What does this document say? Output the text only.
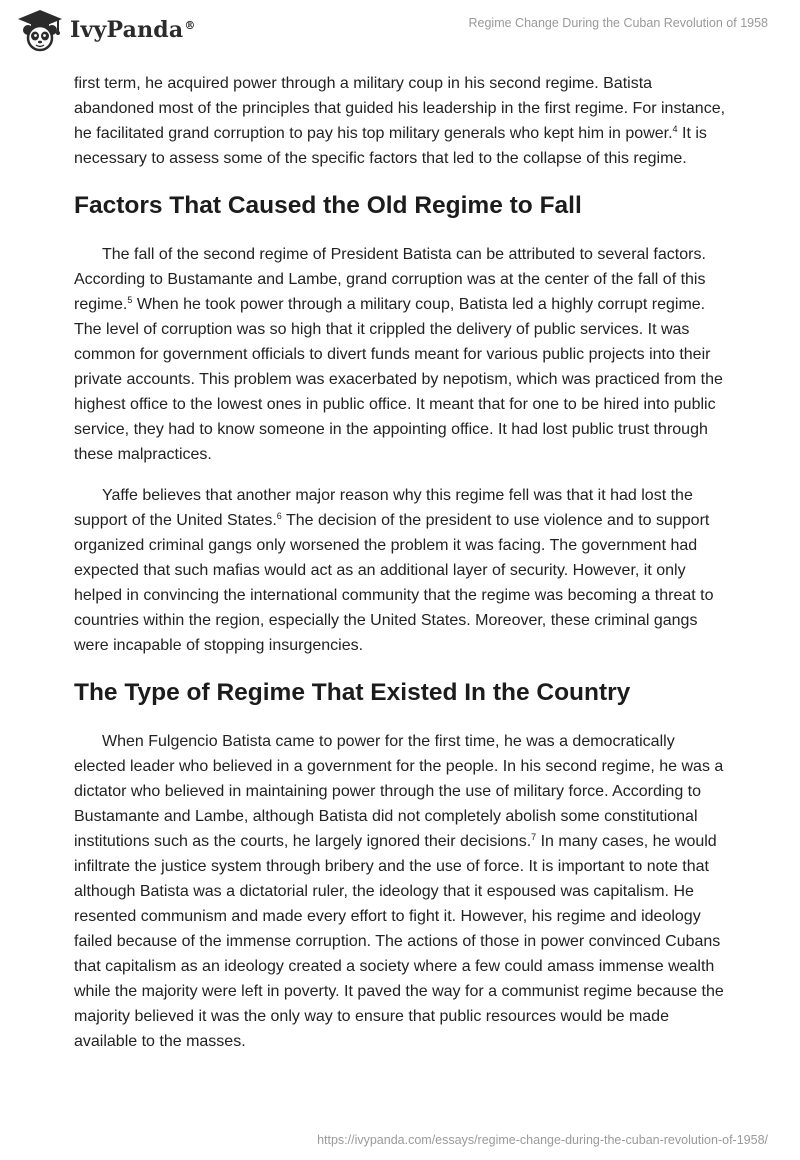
IvyPanda®	Regime Change During the Cuban Revolution of 1958

first term, he acquired power through a military coup in his second regime. Batista abandoned most of the principles that guided his leadership in the first regime. For instance, he facilitated grand corruption to pay his top military generals who kept him in power.$^4$ It is necessary to assess some of the specific factors that led to the collapse of this regime.

Factors That Caused the Old Regime to Fall

The fall of the second regime of President Batista can be attributed to several factors. According to Bustamante and Lambe, grand corruption was at the center of the fall of this regime.$^5$ When he took power through a military coup, Batista led a highly corrupt regime. The level of corruption was so high that it crippled the delivery of public services. It was common for government officials to divert funds meant for various public projects into their private accounts. This problem was exacerbated by nepotism, which was practiced from the highest office to the lowest ones in public office. It meant that for one to be hired into public service, they had to know someone in the appointing office. It had lost public trust through these malpractices.

Yaffe believes that another major reason why this regime fell was that it had lost the support of the United States.$^6$ The decision of the president to use violence and to support organized criminal gangs only worsened the problem it was facing. The government had expected that such mafias would act as an additional layer of security. However, it only helped in convincing the international community that the regime was becoming a threat to countries within the region, especially the United States. Moreover, these criminal gangs were incapable of stopping insurgencies.

The Type of Regime That Existed In the Country

When Fulgencio Batista came to power for the first time, he was a democratically elected leader who believed in a government for the people. In his second regime, he was a dictator who believed in maintaining power through the use of military force. According to Bustamante and Lambe, although Batista did not completely abolish some constitutional institutions such as the courts, he largely ignored their decisions.$^7$ In many cases, he would infiltrate the justice system through bribery and the use of force. It is important to note that although Batista was a dictatorial ruler, the ideology that it espoused was capitalism. He resented communism and made every effort to fight it. However, his regime and ideology failed because of the immense corruption. The actions of those in power convinced Cubans that capitalism as an ideology created a society where a few could amass immense wealth while the majority were left in poverty. It paved the way for a communist regime because the majority believed it was the only way to ensure that public resources would be made available to the masses.

https://ivypanda.com/essays/regime-change-during-the-cuban-revolution-of-1958/
